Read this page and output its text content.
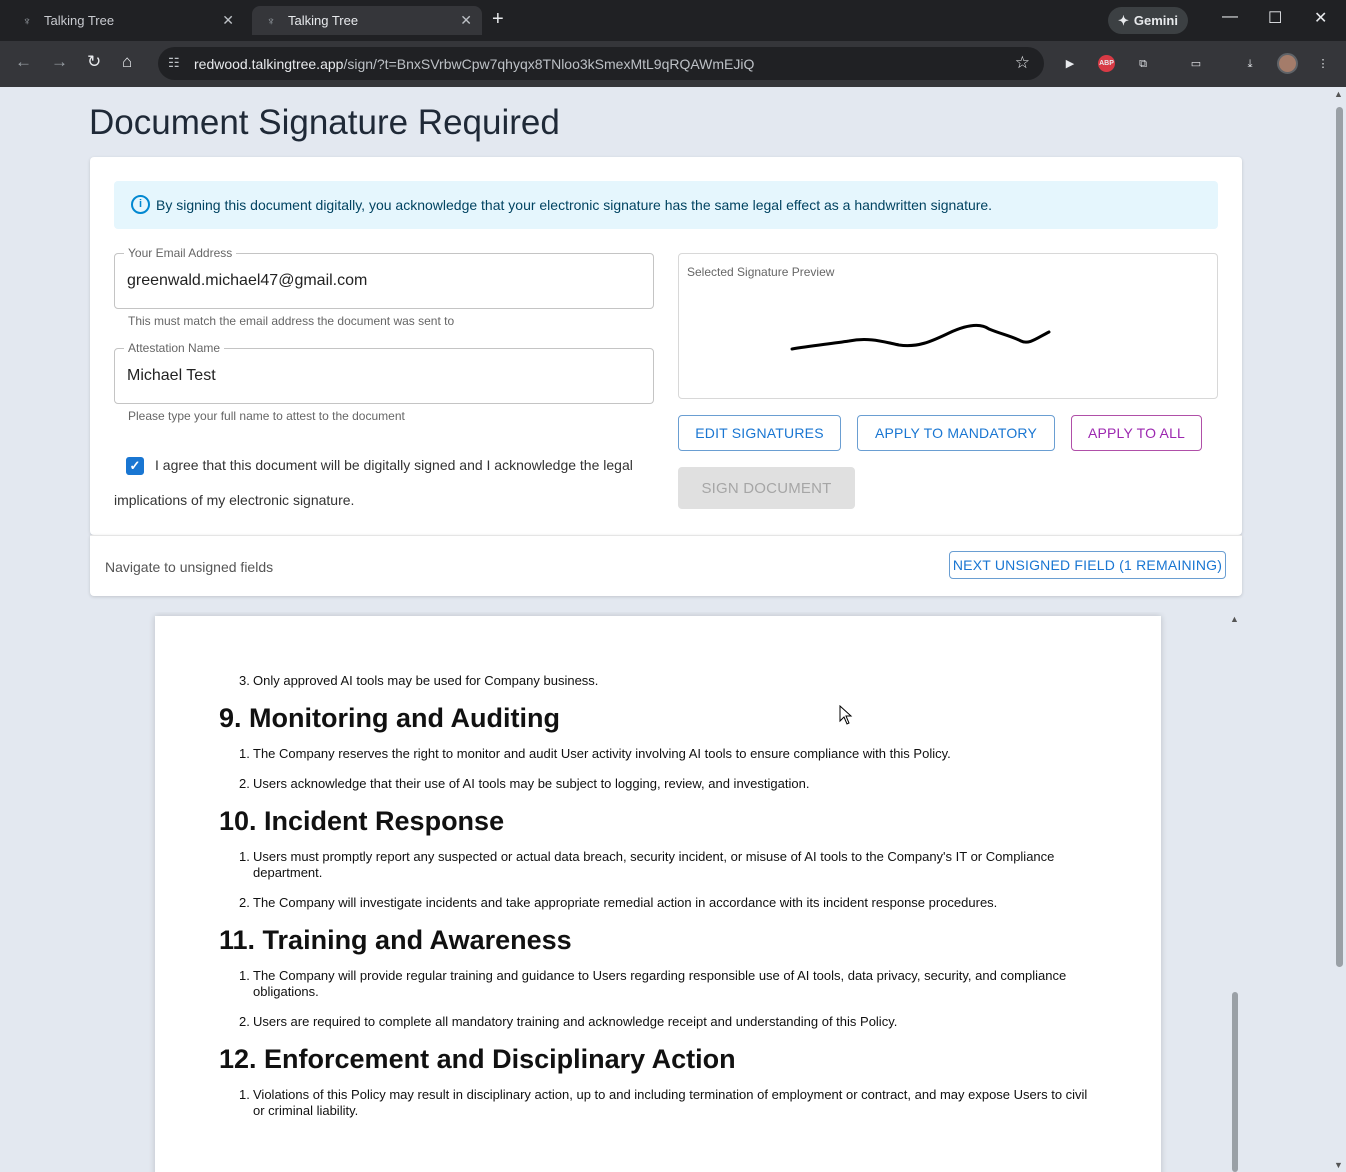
♆ Talking Tree	✕	♆ Talking Tree	✕ +	✦ Gemini	— ☐ ✕
← → ↻ ⌂	☷ redwood.talkingtree.app/sign/?t=BnxSVrbwCpw7qhyqx8TNloo3kSmexMtL9qRQAWmEJiQ	☆	▶	ABP	⧉	▭	⤓	⋮
Document Signature Required
i By signing this document digitally, you acknowledge that your electronic signature has the same legal effect as a handwritten signature.
Your Email Address
greenwald.michael47@gmail.com
This must match the email address the document was sent to
Attestation Name
Michael Test
Please type your full name to attest to the document
I agree that this document will be digitally signed and I acknowledge the legal implications of my electronic signature.
✓
Selected Signature Preview
EDIT SIGNATURES	APPLY TO MANDATORY	APPLY TO ALL
SIGN DOCUMENT
Navigate to unsigned fields	NEXT UNSIGNED FIELD (1 REMAINING)
3. Only approved AI tools may be used for Company business.
9. Monitoring and Auditing
1. The Company reserves the right to monitor and audit User activity involving AI tools to ensure compliance with this Policy.
2. Users acknowledge that their use of AI tools may be subject to logging, review, and investigation.
10. Incident Response
1. Users must promptly report any suspected or actual data breach, security incident, or misuse of AI tools to the Company's IT or Compliance department.
2. The Company will investigate incidents and take appropriate remedial action in accordance with its incident response procedures.
11. Training and Awareness
1. The Company will provide regular training and guidance to Users regarding responsible use of AI tools, data privacy, security, and compliance obligations.
2. Users are required to complete all mandatory training and acknowledge receipt and understanding of this Policy.
12. Enforcement and Disciplinary Action
1. Violations of this Policy may result in disciplinary action, up to and including termination of employment or contract, and may expose Users to civil or criminal liability.
▲
▲
▼
